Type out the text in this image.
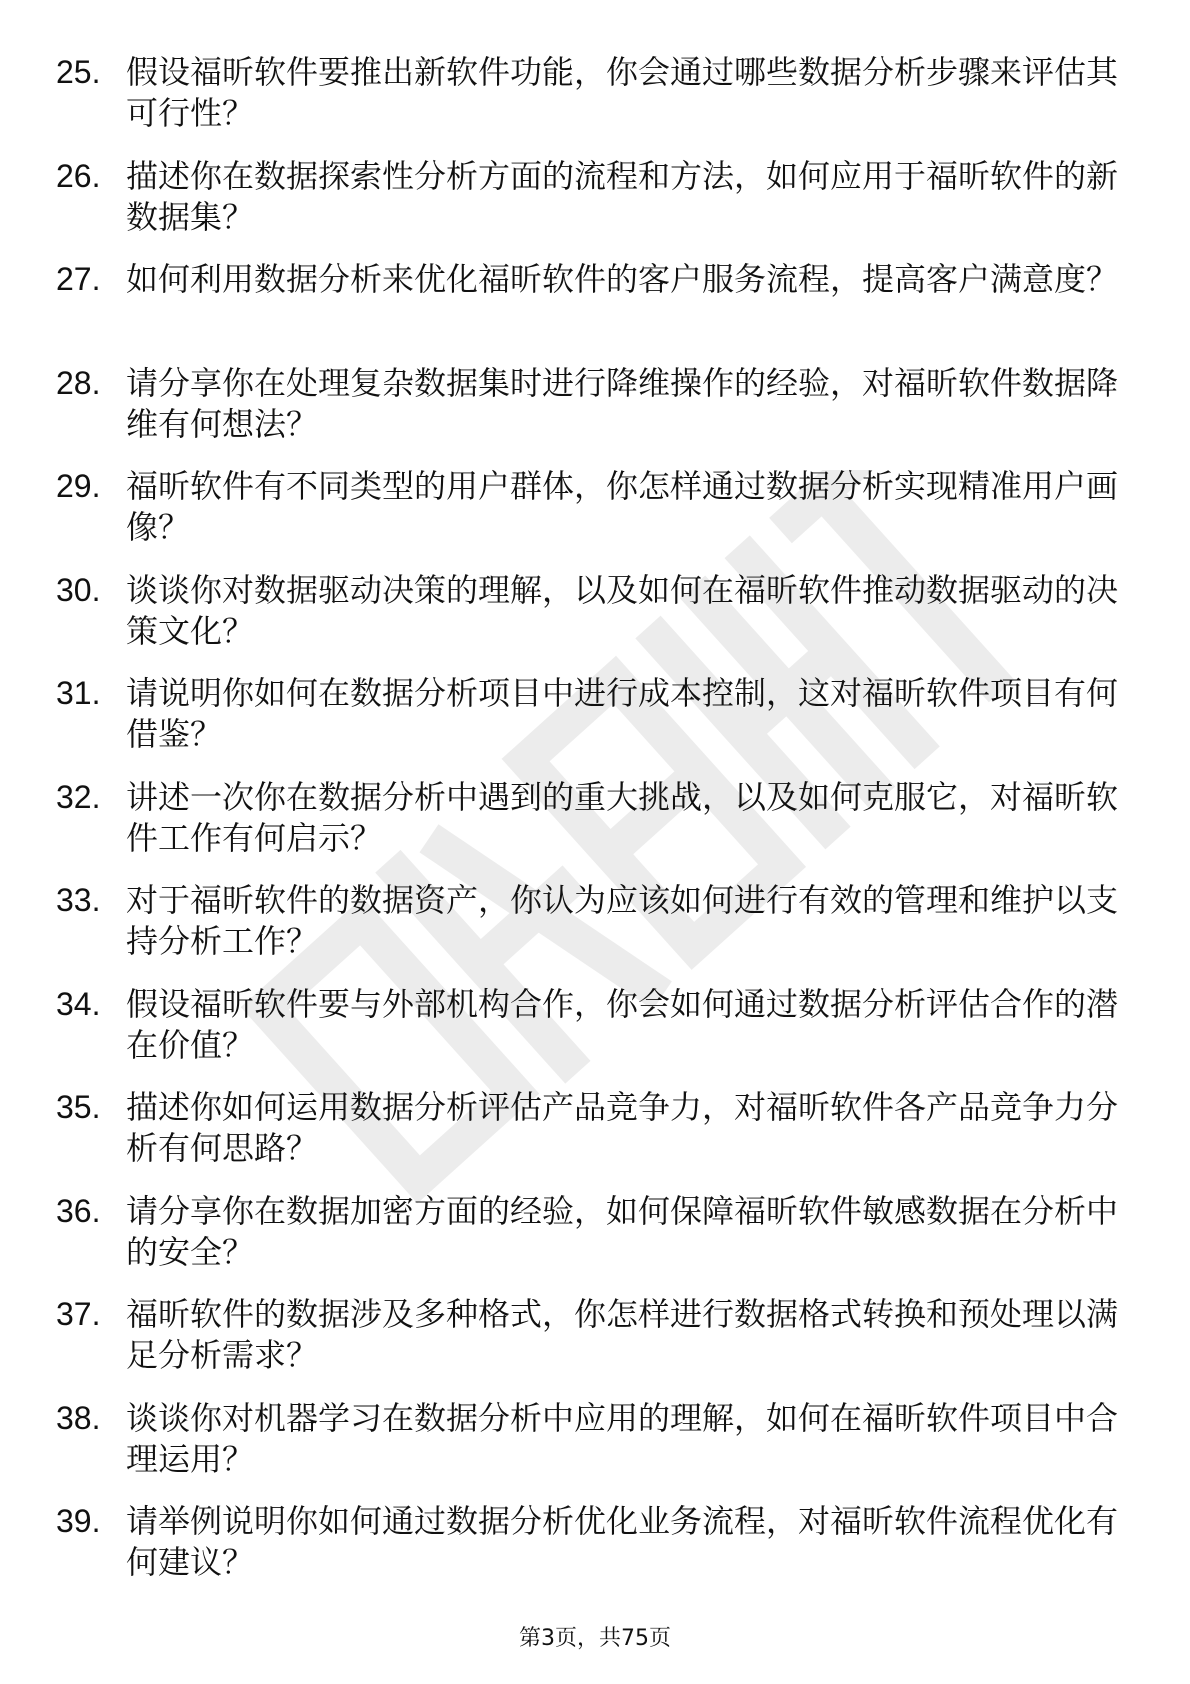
25. 假设福昕软件要推出新软件功能，你会通过哪些数据分析步骤来评估其可行性？
26. 描述你在数据探索性分析方面的流程和方法，如何应用于福昕软件的新数据集？
27. 如何利用数据分析来优化福昕软件的客户服务流程，提高客户满意度？
28. 请分享你在处理复杂数据集时进行降维操作的经验，对福昕软件数据降维有何想法？
29. 福昕软件有不同类型的用户群体，你怎样通过数据分析实现精准用户画像？
30. 谈谈你对数据驱动决策的理解，以及如何在福昕软件推动数据驱动的决策文化？
31. 请说明你如何在数据分析项目中进行成本控制，这对福昕软件项目有何借鉴？
32. 讲述一次你在数据分析中遇到的重大挑战，以及如何克服它，对福昕软件工作有何启示？
33. 对于福昕软件的数据资产，你认为应该如何进行有效的管理和维护以支持分析工作？
34. 假设福昕软件要与外部机构合作，你会如何通过数据分析评估合作的潜在价值？
35. 描述你如何运用数据分析评估产品竞争力，对福昕软件各产品竞争力分析有何思路？
36. 请分享你在数据加密方面的经验，如何保障福昕软件敏感数据在分析中的安全？
37. 福昕软件的数据涉及多种格式，你怎样进行数据格式转换和预处理以满足分析需求？
38. 谈谈你对机器学习在数据分析中应用的理解，如何在福昕软件项目中合理运用？
39. 请举例说明你如何通过数据分析优化业务流程，对福昕软件流程优化有何建议？
第3页，共75页
